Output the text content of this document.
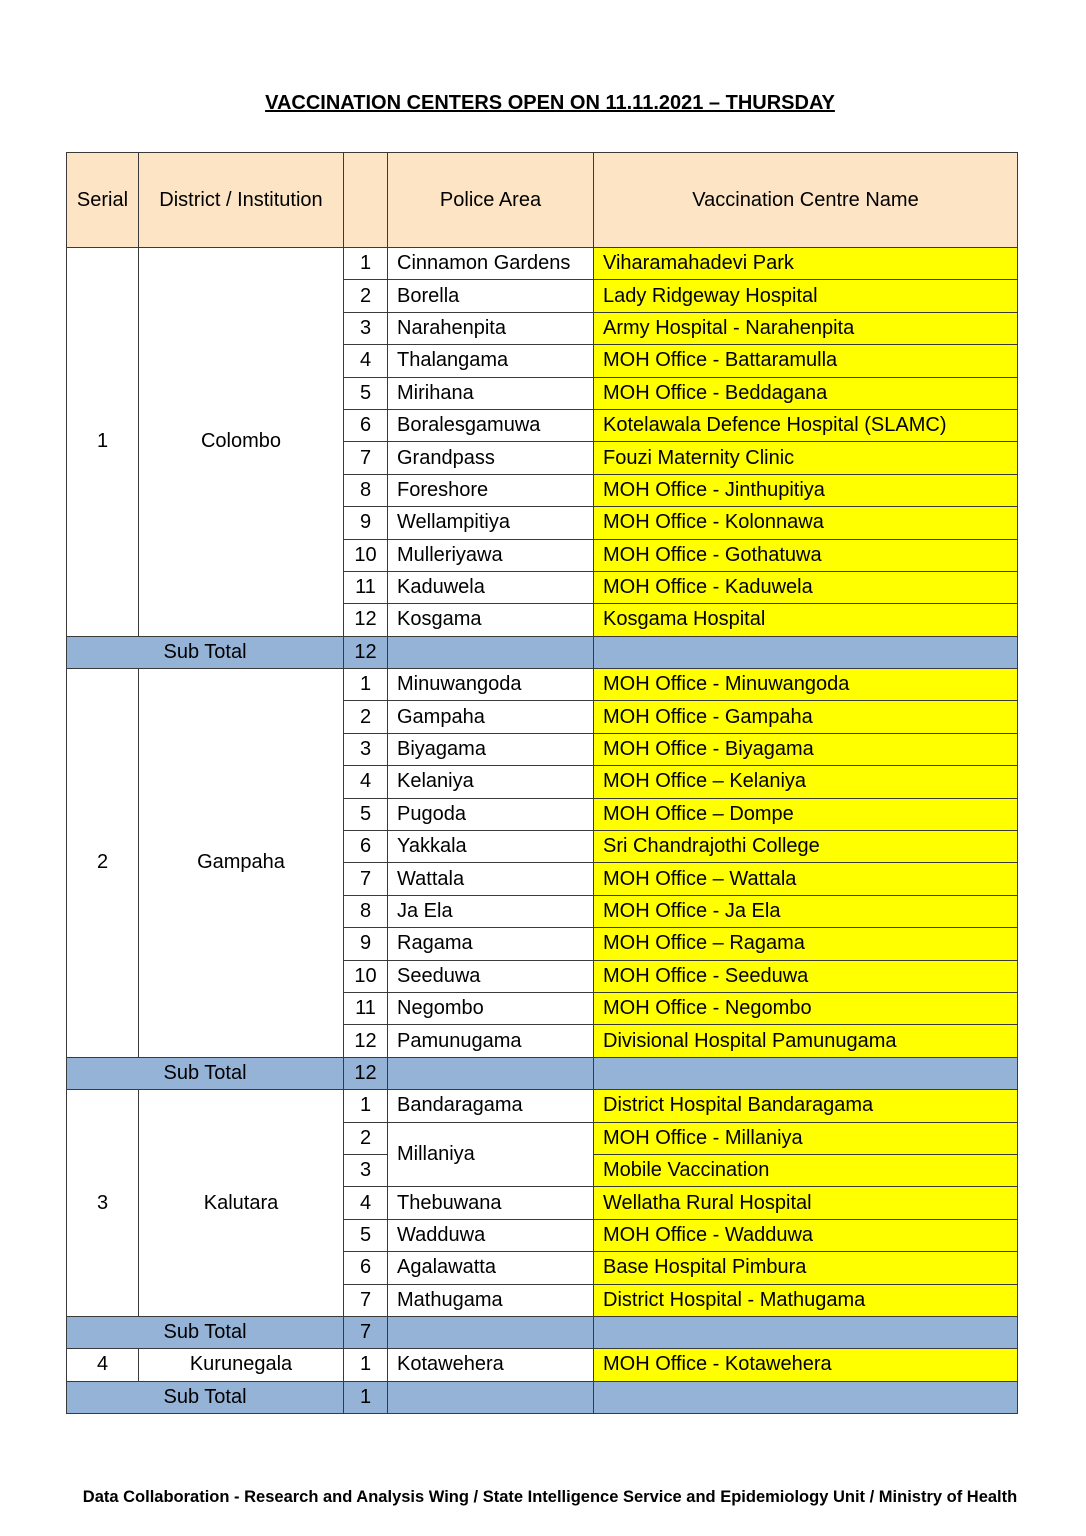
VACCINATION CENTERS OPEN ON 11.11.2021 – THURSDAY
Serial	District / Institution		Police Area	Vaccination Centre Name
1	Colombo	1	Cinnamon Gardens	Viharamahadevi Park
		2	Borella	Lady Ridgeway Hospital
		3	Narahenpita	Army Hospital - Narahenpita
		4	Thalangama	MOH Office - Battaramulla
		5	Mirihana	MOH Office - Beddagana
		6	Boralesgamuwa	Kotelawala Defence Hospital (SLAMC)
		7	Grandpass	Fouzi Maternity Clinic
		8	Foreshore	MOH Office - Jinthupitiya
		9	Wellampitiya	MOH Office - Kolonnawa
		10	Mulleriyawa	MOH Office - Gothatuwa
		11	Kaduwela	MOH Office - Kaduwela
		12	Kosgama	Kosgama Hospital
Sub Total		12		
2	Gampaha	1	Minuwangoda	MOH Office - Minuwangoda
		2	Gampaha	MOH Office - Gampaha
		3	Biyagama	MOH Office - Biyagama
		4	Kelaniya	MOH Office – Kelaniya
		5	Pugoda	MOH Office – Dompe
		6	Yakkala	Sri Chandrajothi College
		7	Wattala	MOH Office – Wattala
		8	Ja Ela	MOH Office - Ja Ela
		9	Ragama	MOH Office – Ragama
		10	Seeduwa	MOH Office - Seeduwa
		11	Negombo	MOH Office - Negombo
		12	Pamunugama	Divisional Hospital Pamunugama
Sub Total		12		
3	Kalutara	1	Bandaragama	District Hospital Bandaragama
		2	Millaniya	MOH Office - Millaniya
		3		Mobile Vaccination
		4	Thebuwana	Wellatha Rural Hospital
		5	Wadduwa	MOH Office - Wadduwa
		6	Agalawatta	Base Hospital Pimbura
		7	Mathugama	District Hospital - Mathugama
Sub Total		7		
4	Kurunegala	1	Kotawehera	MOH Office - Kotawehera
Sub Total		1		
Data Collaboration - Research and Analysis Wing / State Intelligence Service and Epidemiology Unit / Ministry of Health
